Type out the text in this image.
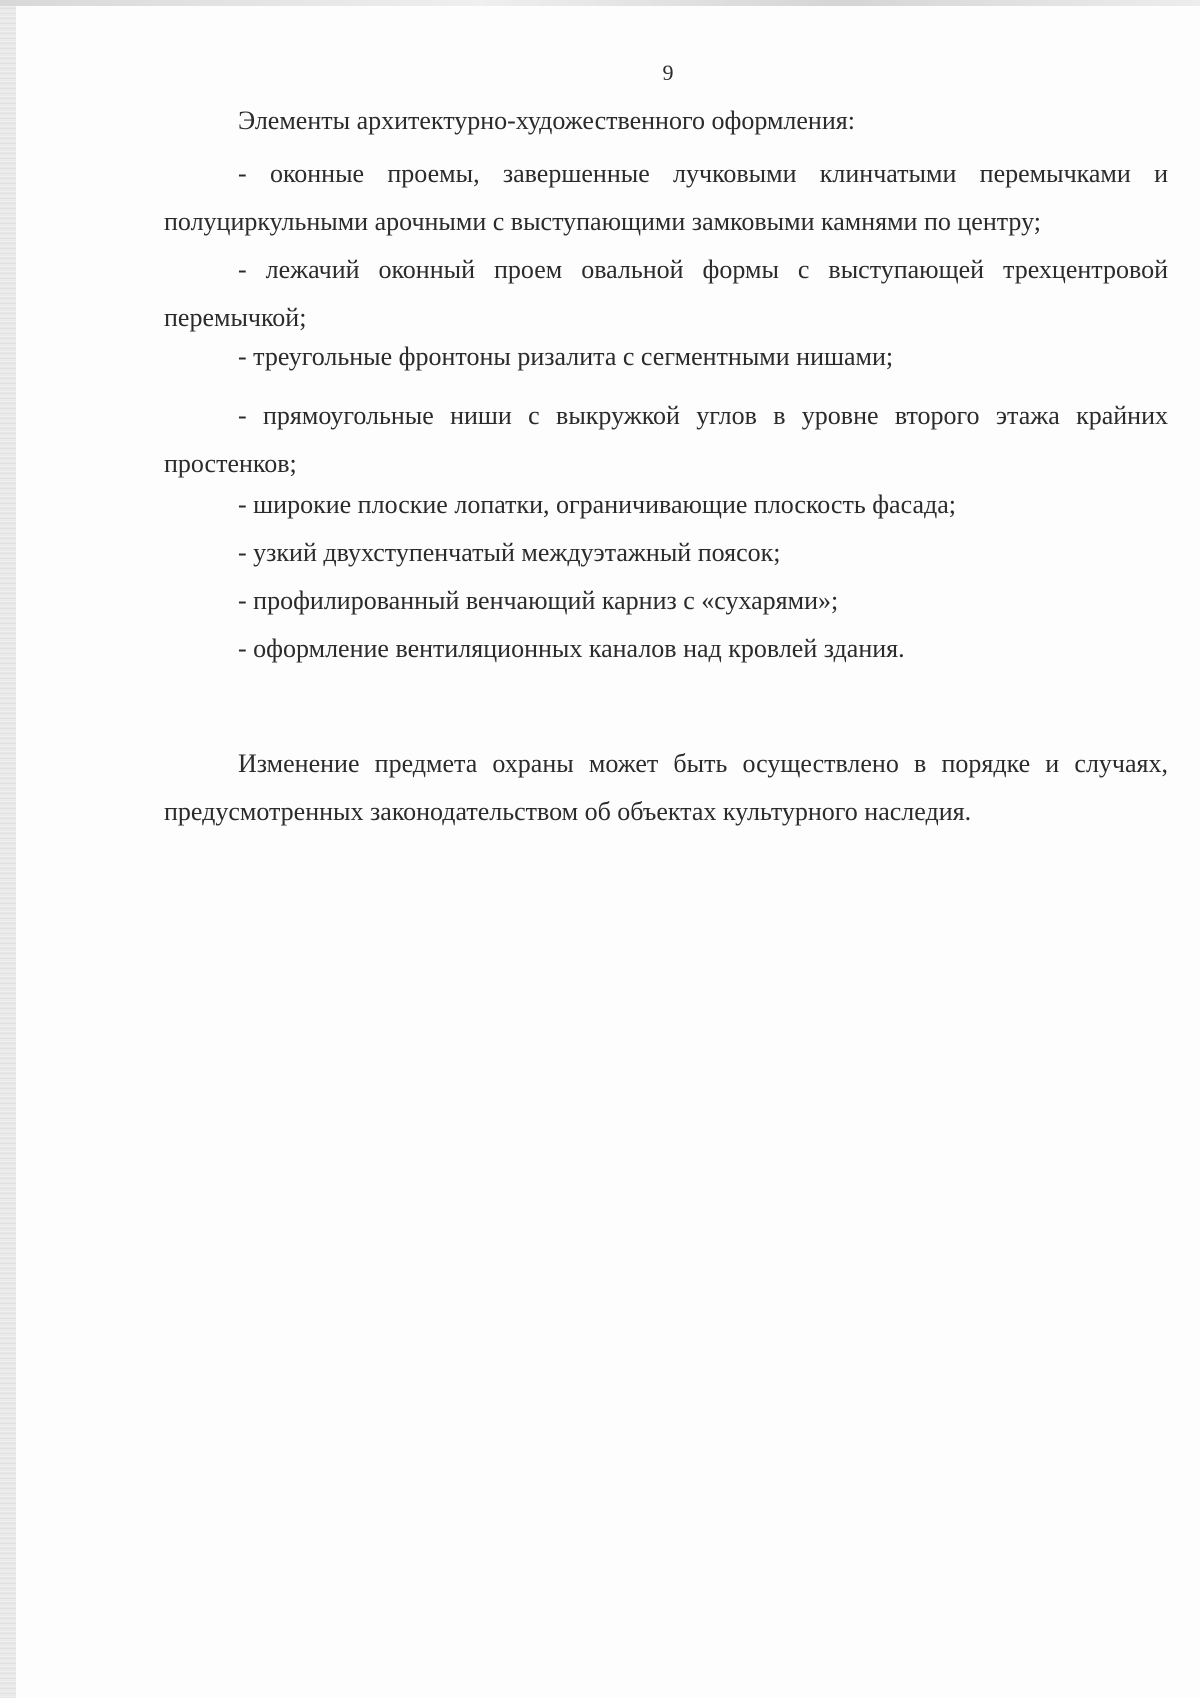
9

Элементы архитектурно-художественного оформления:

- оконные проемы, завершенные лучковыми клинчатыми перемычками и полуциркульными арочными с выступающими замковыми камнями по центру;

- лежачий оконный проем овальной формы с выступающей трехцентровой перемычкой;

- треугольные фронтоны ризалита с сегментными нишами;

- прямоугольные ниши с выкружкой углов в уровне второго этажа крайних простенков;

- широкие плоские лопатки, ограничивающие плоскость фасада;

- узкий двухступенчатый междуэтажный поясок;

- профилированный венчающий карниз с «сухарями»;

- оформление вентиляционных каналов над кровлей здания.

Изменение предмета охраны может быть осуществлено в порядке и случаях, предусмотренных законодательством об объектах культурного наследия.
